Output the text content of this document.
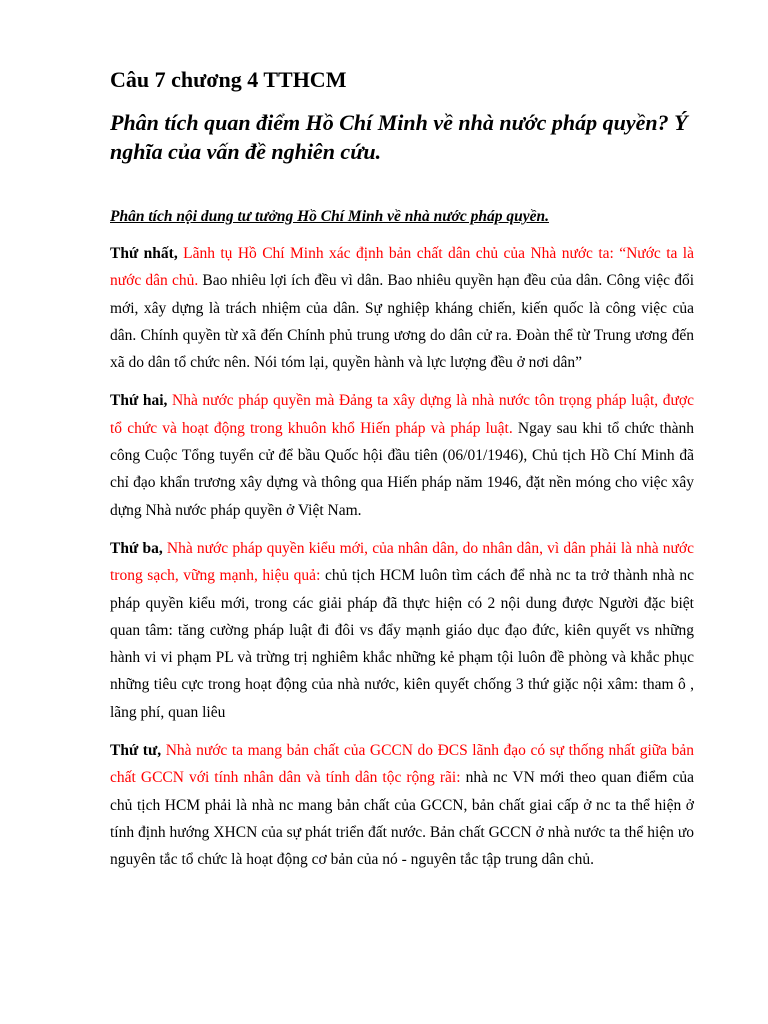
Câu 7 chương 4 TTHCM
Phân tích quan điểm Hồ Chí Minh về nhà nước pháp quyền? Ý nghĩa của vấn đề nghiên cứu.
Phân tích nội dung tư tưởng Hồ Chí Minh về nhà nước pháp quyền.

Thứ nhất, Lãnh tụ Hồ Chí Minh xác định bản chất dân chủ của Nhà nước ta: “Nước ta là nước dân chủ. Bao nhiêu lợi ích đều vì dân. Bao nhiêu quyền hạn đều của dân. Công việc đổi mới, xây dựng là trách nhiệm của dân. Sự nghiệp kháng chiến, kiến quốc là công việc của dân. Chính quyền từ xã đến Chính phủ trung ương do dân cử ra. Đoàn thể từ Trung ương đến xã do dân tổ chức nên. Nói tóm lại, quyền hành và lực lượng đều ở nơi dân”

Thứ hai, Nhà nước pháp quyền mà Đảng ta xây dựng là nhà nước tôn trọng pháp luật, được tổ chức và hoạt động trong khuôn khổ Hiến pháp và pháp luật. Ngay sau khi tổ chức thành công Cuộc Tổng tuyển cử để bầu Quốc hội đầu tiên (06/01/1946), Chủ tịch Hồ Chí Minh đã chỉ đạo khẩn trương xây dựng và thông qua Hiến pháp năm 1946, đặt nền móng cho việc xây dựng Nhà nước pháp quyền ở Việt Nam.

Thứ ba, Nhà nước pháp quyền kiểu mới, của nhân dân, do nhân dân, vì dân phải là nhà nước trong sạch, vững mạnh, hiệu quả: chủ tịch HCM luôn tìm cách để nhà nc ta trở thành nhà nc pháp quyền kiểu mới, trong các giải pháp đã thực hiện có 2 nội dung được Người đặc biệt quan tâm: tăng cường pháp luật đi đôi vs đẩy mạnh giáo dục đạo đức, kiên quyết vs những hành vi vi phạm PL và trừng trị nghiêm khắc những kẻ phạm tội luôn đề phòng và khắc phục những tiêu cực trong hoạt động của nhà nước, kiên quyết chống 3 thứ giặc nội xâm: tham ô , lãng phí, quan liêu

Thứ tư, Nhà nước ta mang bản chất của GCCN do ĐCS lãnh đạo có sự thống nhất giữa bản chất GCCN với tính nhân dân và tính dân tộc rộng rãi: nhà nc VN mới theo quan điểm của chủ tịch HCM phải là nhà nc mang bản chất của GCCN, bản chất giai cấp ở nc ta thể hiện ở tính định hướng XHCN của sự phát triển đất nước. Bản chất GCCN ở nhà nước ta thể hiện ưo nguyên tắc tổ chức là hoạt động cơ bản của nó - nguyên tắc tập trung dân chủ.
